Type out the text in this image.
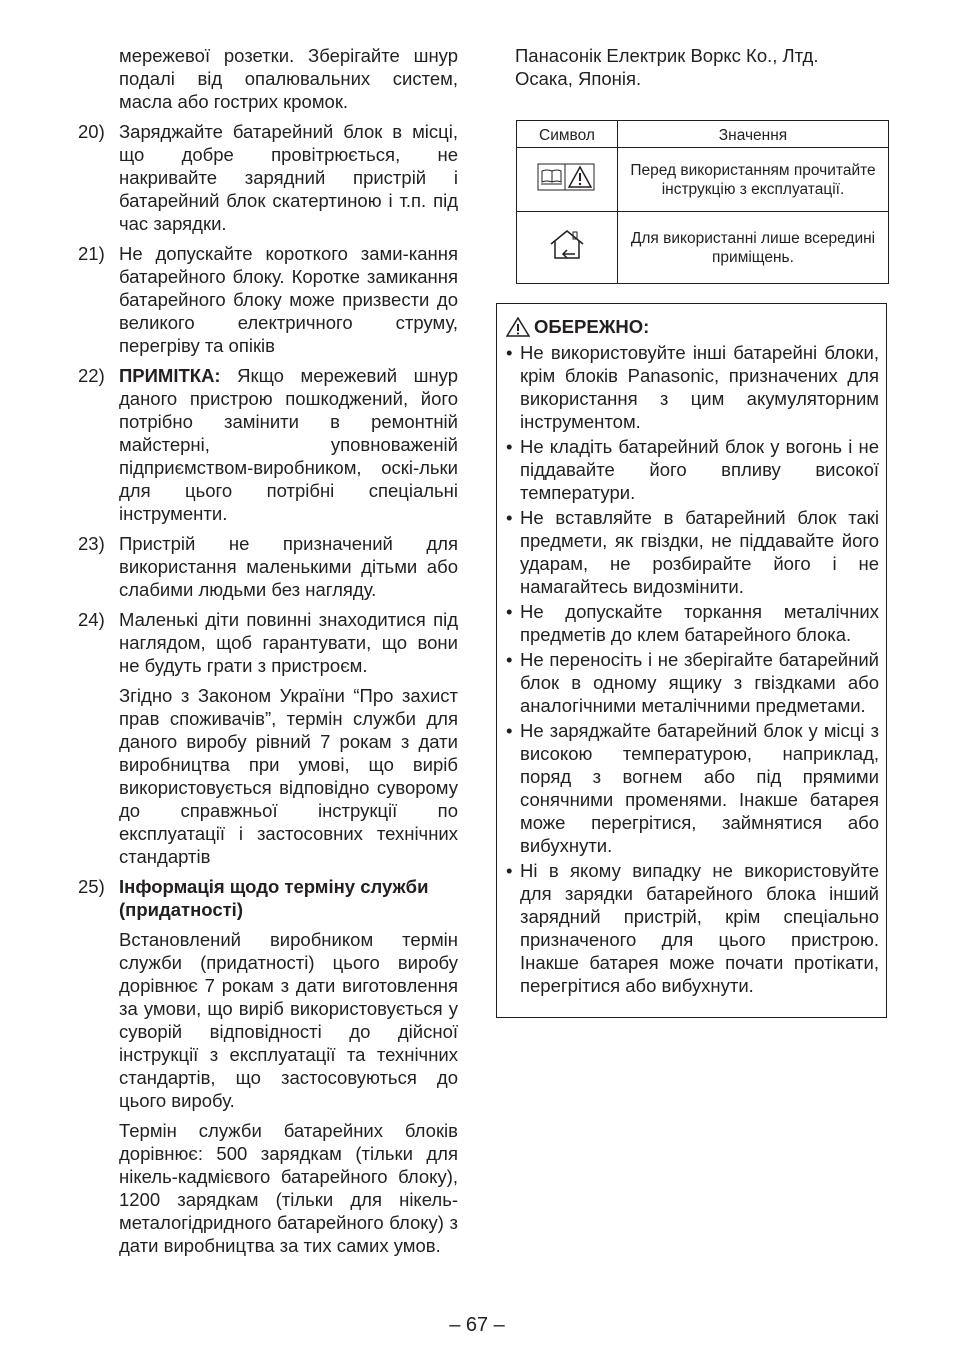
мережевої розетки. Зберігайте шнур подалі від опалювальних систем, масла або гострих кромок.

20) Заряджайте батарейний блок в місці, що добре провітрюється, не накривайте зарядний пристрій і батарейний блок скатертиною і т.п. під час зарядки.
21) Не допускайте короткого зами-кання батарейного блоку. Коротке замикання батарейного блоку може призвести до великого електричного струму, перегріву та опіків
22) ПРИМІТКА: Якщо мережевий шнур даного пристрою пошкоджений, його потрібно замінити в ремонтній майстерні, уповноваженій підприємством-виробником, оскі-льки для цього потрібні спеціальні інструменти.
23) Пристрій не призначений для використання маленькими дітьми або слабими людьми без нагляду.
24) Маленькі діти повинні знаходитися під наглядом, щоб гарантувати, що вони не будуть грати з пристроєм.

Згідно з Законом України “Про захист прав споживачів”, термін служби для даного виробу рівний 7 рокам з дати виробництва при умові, що виріб використовується відповідно суворому до справжньої інструкції по експлуатації і застосовних технічних стандартів

25) Інформація щодо терміну служби (придатності)

Встановлений виробником термін служби (придатності) цього виробу дорівнює 7 рокам з дати виготовлення за умови, що виріб використовується у суворій відповідності до дійсної інструкції з експлуатації та технічних стандартів, що застосовуються до цього виробу.

Термін служби батарейних блоків дорівнює: 500 зарядкам (тільки для нікель-кадмієвого батарейного блоку), 1200 зарядкам (тільки для нікель-металогідридного батарейного блоку) з дати виробництва за тих самих умов.

Панасонік Електрик Воркс Ко., Лтд.
Осака, Японія.
Символ	Значення
	Перед використанням прочитайте інструкцію з експлуатації.
	Для використанні лише всередині приміщень.
ОБЕРЕЖНО:
• Не використовуйте інші батарейні блоки, крім блоків Panasonic, призначених для використання з цим акумуляторним інструментом.
• Не кладіть батарейний блок у вогонь і не піддавайте його впливу високої температури.
• Не вставляйте в батарейний блок такі предмети, як гвіздки, не піддавайте його ударам, не розбирайте його і не намагайтесь видозмінити.
• Не допускайте торкання металічних предметів до клем батарейного блока.
• Не переносіть і не зберігайте батарейний блок в одному ящику з гвіздками або аналогічними металічними предметами.
• Не заряджайте батарейний блок у місці з високою температурою, наприклад, поряд з вогнем або під прямими сонячними променями. Інакше батарея може перегрітися, займнятися або вибухнути.
• Ні в якому випадку не використовуйте для зарядки батарейного блока інший зарядний пристрій, крім спеціально призначеного для цього пристрою. Інакше батарея може почати протікати, перегрітися або вибухнути.
– 67 –
